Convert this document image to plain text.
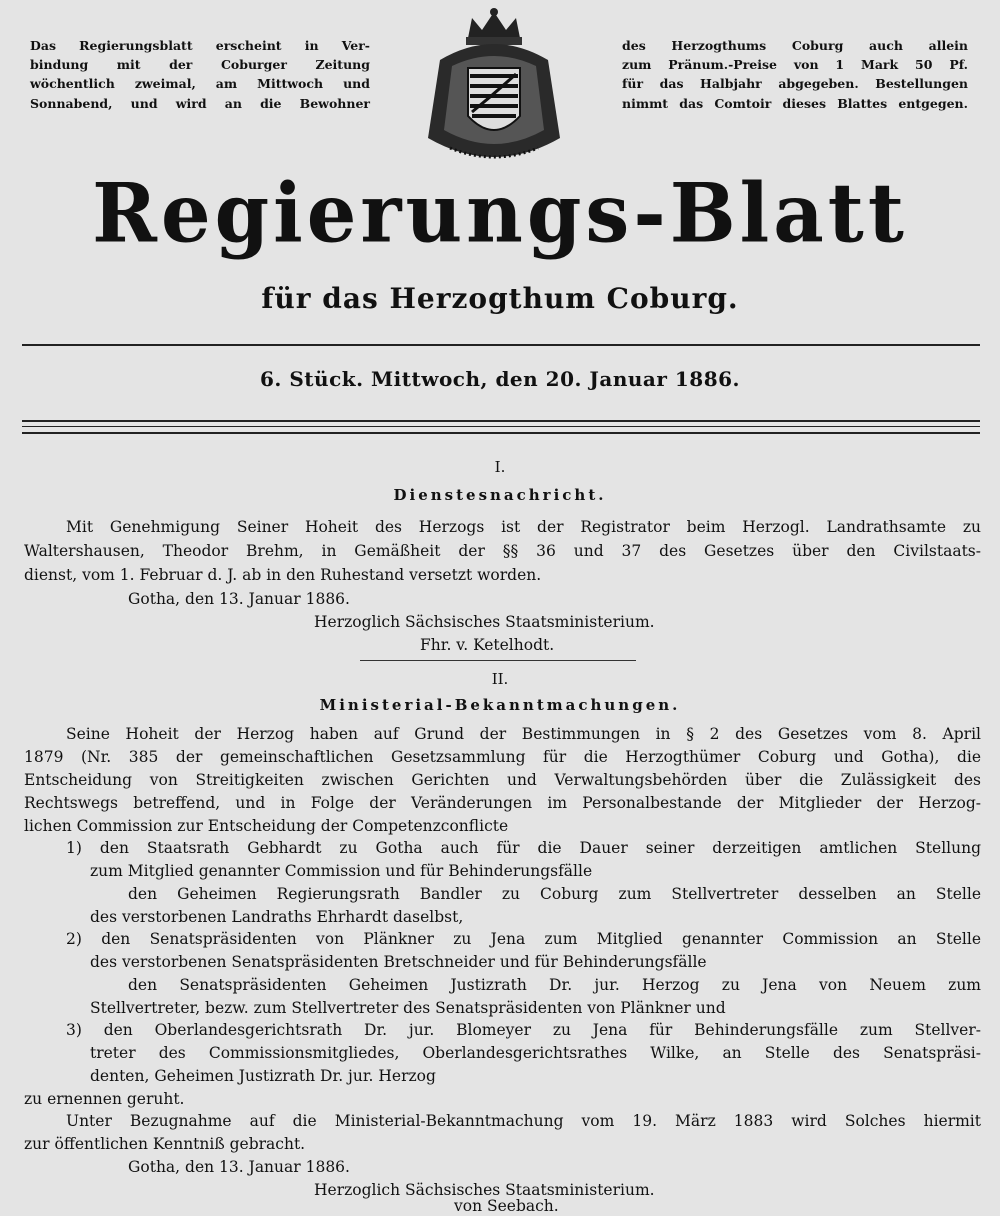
Das Regierungsblatt erscheint in Ver-

bindung mit der Coburger Zeitung

wöchentlich zweimal, am Mittwoch und

Sonnabend, und wird an die Bewohner

des Herzogthums Coburg auch allein

zum Pränum.-Preise von 1 Mark 50 Pf.

für das Halbjahr abgegeben. Bestellungen

nimmt das Comtoir dieses Blattes entgegen.

Regierungs-Blatt
für das Herzogthum Coburg.
6. Stück. Mittwoch, den 20. Januar 1886.
I.
Dienstesnachricht.
Mit Genehmigung Seiner Hoheit des Herzogs ist der Registrator beim Herzogl. Landrathsamte zu
Waltershausen, Theodor Brehm, in Gemäßheit der §§ 36 und 37 des Gesetzes über den Civilstaats-
dienst, vom 1. Februar d. J. ab in den Ruhestand versetzt worden.
Gotha, den 13. Januar 1886.
Herzoglich Sächsisches Staatsministerium.
Fhr. v. Ketelhodt.
II.
Ministerial-Bekanntmachungen.
Seine Hoheit der Herzog haben auf Grund der Bestimmungen in § 2 des Gesetzes vom 8. April
1879 (Nr. 385 der gemeinschaftlichen Gesetzsammlung für die Herzogthümer Coburg und Gotha), die
Entscheidung von Streitigkeiten zwischen Gerichten und Verwaltungsbehörden über die Zulässigkeit des
Rechtswegs betreffend, und in Folge der Veränderungen im Personalbestande der Mitglieder der Herzog-
lichen Commission zur Entscheidung der Competenzconflicte
1) den Staatsrath Gebhardt zu Gotha auch für die Dauer seiner derzeitigen amtlichen Stellung
zum Mitglied genannter Commission und für Behinderungsfälle
den Geheimen Regierungsrath Bandler zu Coburg zum Stellvertreter desselben an Stelle
des verstorbenen Landraths Ehrhardt daselbst,
2) den Senatspräsidenten von Plänkner zu Jena zum Mitglied genannter Commission an Stelle
des verstorbenen Senatspräsidenten Bretschneider und für Behinderungsfälle
den Senatspräsidenten Geheimen Justizrath Dr. jur. Herzog zu Jena von Neuem zum
Stellvertreter, bezw. zum Stellvertreter des Senatspräsidenten von Plänkner und
3) den Oberlandesgerichtsrath Dr. jur. Blomeyer zu Jena für Behinderungsfälle zum Stellver-
treter des Commissionsmitgliedes, Oberlandesgerichtsrathes Wilke, an Stelle des Senatspräsi-
denten, Geheimen Justizrath Dr. jur. Herzog
zu ernennen geruht.
Unter Bezugnahme auf die Ministerial-Bekanntmachung vom 19. März 1883 wird Solches hiermit
zur öffentlichen Kenntniß gebracht.
Gotha, den 13. Januar 1886.
Herzoglich Sächsisches Staatsministerium.
von Seebach.
